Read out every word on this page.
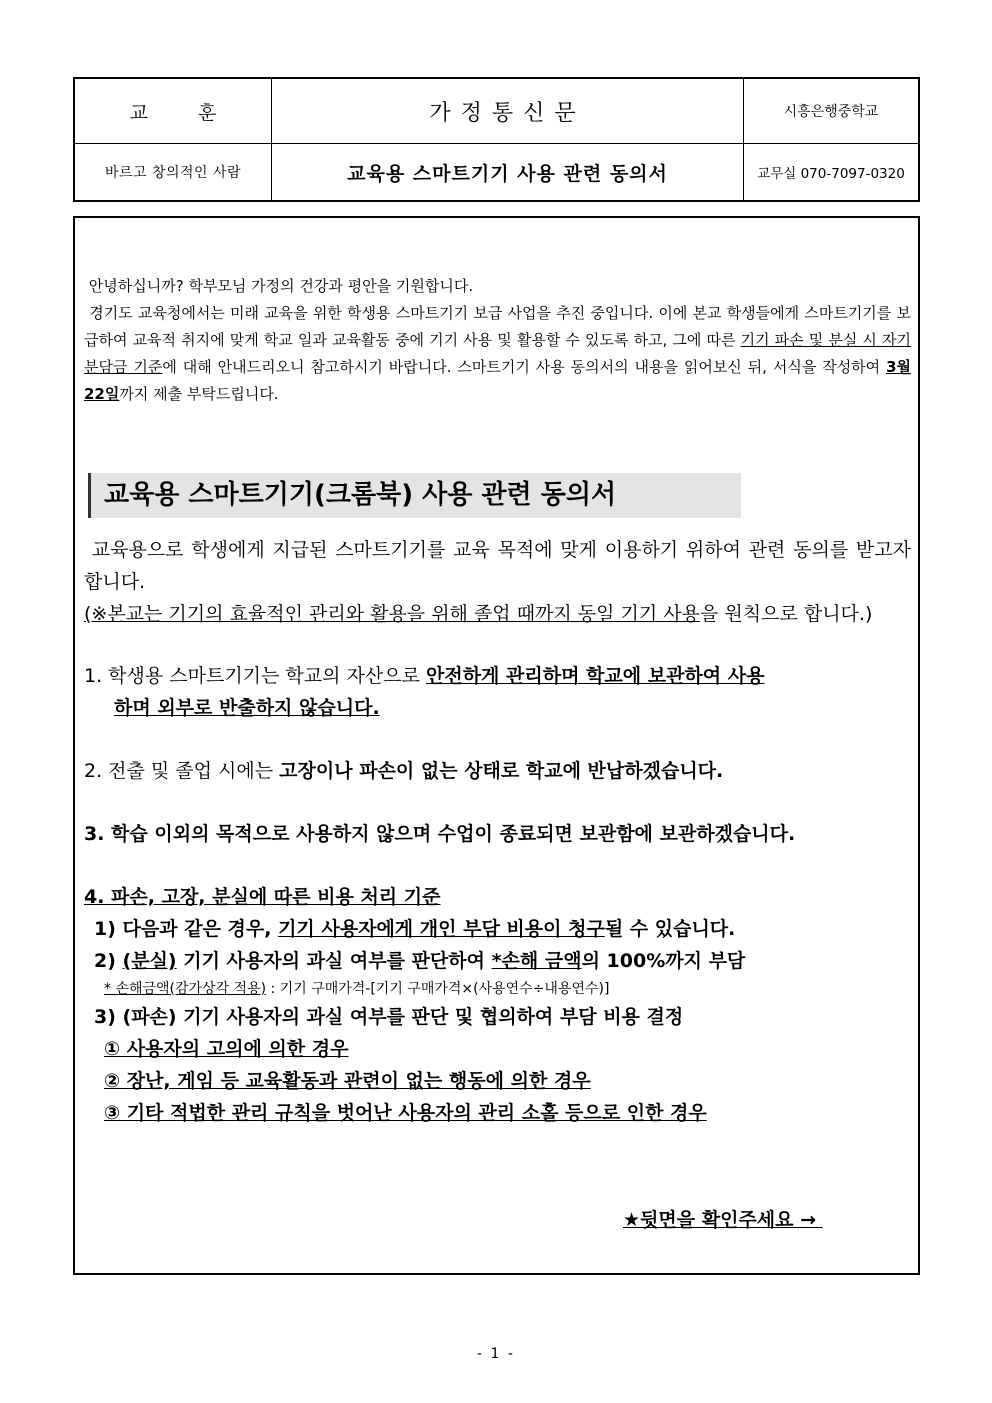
교 훈	가정통신문	시흥은행중학교
바르고 창의적인 사람	교육용 스마트기기 사용 관련 동의서	교무실 070-7097-0320

안녕하십니까? 학부모님 가정의 건강과 평안을 기원합니다.

경기도 교육청에서는 미래 교육을 위한 학생용 스마트기기 보급 사업을 추진 중입니다. 이에 본교 학생들에게 스마트기기를 보급하여 교육적 취지에 맞게 학교 일과 교육활동 중에 기기 사용 및 활용할 수 있도록 하고, 그에 따른 기기 파손 및 분실 시 자기 분담금 기준에 대해 안내드리오니 참고하시기 바랍니다. 스마트기기 사용 동의서의 내용을 읽어보신 뒤, 서식을 작성하여 3월 22일까지 제출 부탁드립니다.

교육용 스마트기기(크롬북) 사용 관련 동의서

교육용으로 학생에게 지급된 스마트기기를 교육 목적에 맞게 이용하기 위하여 관련 동의를 받고자 합니다.

(※본교는 기기의 효율적인 관리와 활용을 위해 졸업 때까지 동일 기기 사용을 원칙으로 합니다.)

1. 학생용 스마트기기는 학교의 자산으로 안전하게 관리하며 학교에 보관하여 사용

하며 외부로 반출하지 않습니다.

2. 전출 및 졸업 시에는 고장이나 파손이 없는 상태로 학교에 반납하겠습니다.

3. 학습 이외의 목적으로 사용하지 않으며 수업이 종료되면 보관함에 보관하겠습니다.

4. 파손, 고장, 분실에 따른 비용 처리 기준

1) 다음과 같은 경우, 기기 사용자에게 개인 부담 비용이 청구될 수 있습니다.

2) (분실) 기기 사용자의 과실 여부를 판단하여 *손해 금액의 100%까지 부담

* 손해금액(감가상각 적용) : 기기 구매가격-[기기 구매가격×(사용연수÷내용연수)]

3) (파손) 기기 사용자의 과실 여부를 판단 및 협의하여 부담 비용 결정

① 사용자의 고의에 의한 경우

② 장난, 게임 등 교육활동과 관련이 없는 행동에 의한 경우

③ 기타 적법한 관리 규칙을 벗어난 사용자의 관리 소홀 등으로 인한 경우

★뒷면을 확인주세요 →
- 1 -
